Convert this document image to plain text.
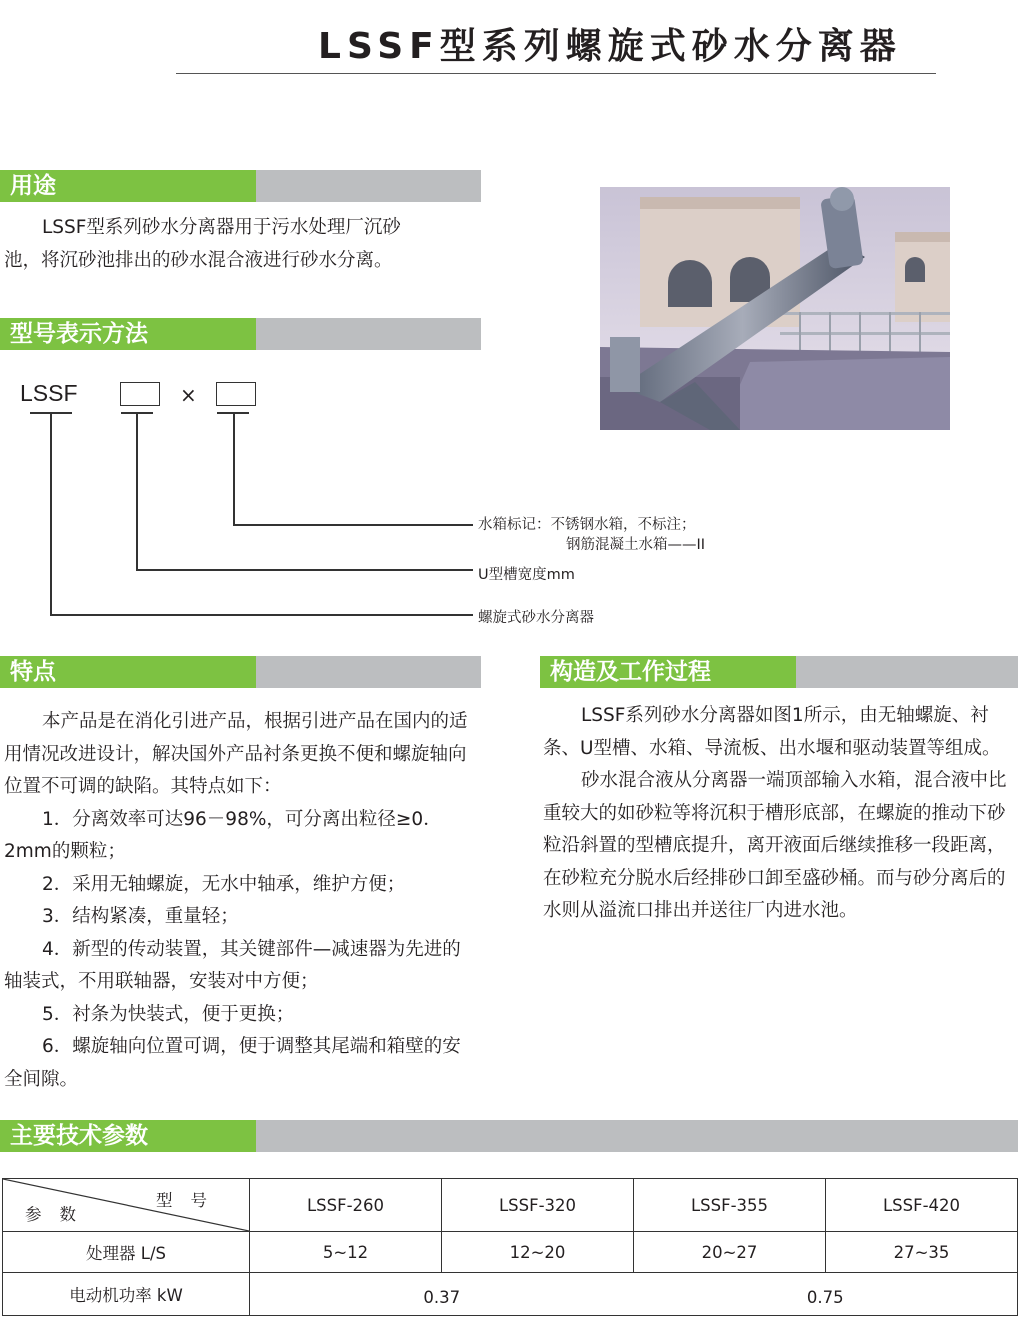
LSSF型系列螺旋式砂水分离器
用途

LSSF型系列砂水分离器用于污水处理厂沉砂

池，将沉砂池排出的砂水混合液进行砂水分离。

型号表示方法
LSSF	×
水箱标记：不锈钢水箱，不标注；
钢筋混凝土水箱——II
U型槽宽度mm
螺旋式砂水分离器
特点

本产品是在消化引进产品，根据引进产品在国内的适用情况改进设计，解决国外产品衬条更换不便和螺旋轴向位置不可调的缺陷。其特点如下：

1．分离效率可达96－98%，可分离出粒径≥0．2mm的颗粒；

2．采用无轴螺旋，无水中轴承，维护方便；

3．结构紧凑，重量轻；

4．新型的传动装置，其关键部件—减速器为先进的轴装式，不用联轴器，安装对中方便；

5．衬条为快装式，便于更换；

6．螺旋轴向位置可调，便于调整其尾端和箱壁的安全间隙。

构造及工作过程

LSSF系列砂水分离器如图1所示，由无轴螺旋、衬条、U型槽、水箱、导流板、出水堰和驱动装置等组成。

砂水混合液从分离器一端顶部输入水箱，混合液中比重较大的如砂粒等将沉积于槽形底部，在螺旋的推动下砂粒沿斜置的型槽底提升，离开液面后继续推移一段距离，在砂粒充分脱水后经排砂口卸至盛砂桶。而与砂分离后的水则从溢流口排出并送往厂内进水池。

主要技术参数
型号
参数	LSSF-260	LSSF-320	LSSF-355	LSSF-420
处理器 L/S	5~12	12~20	20~27	27~35
电动机功率 kW	0.37		0.75	
